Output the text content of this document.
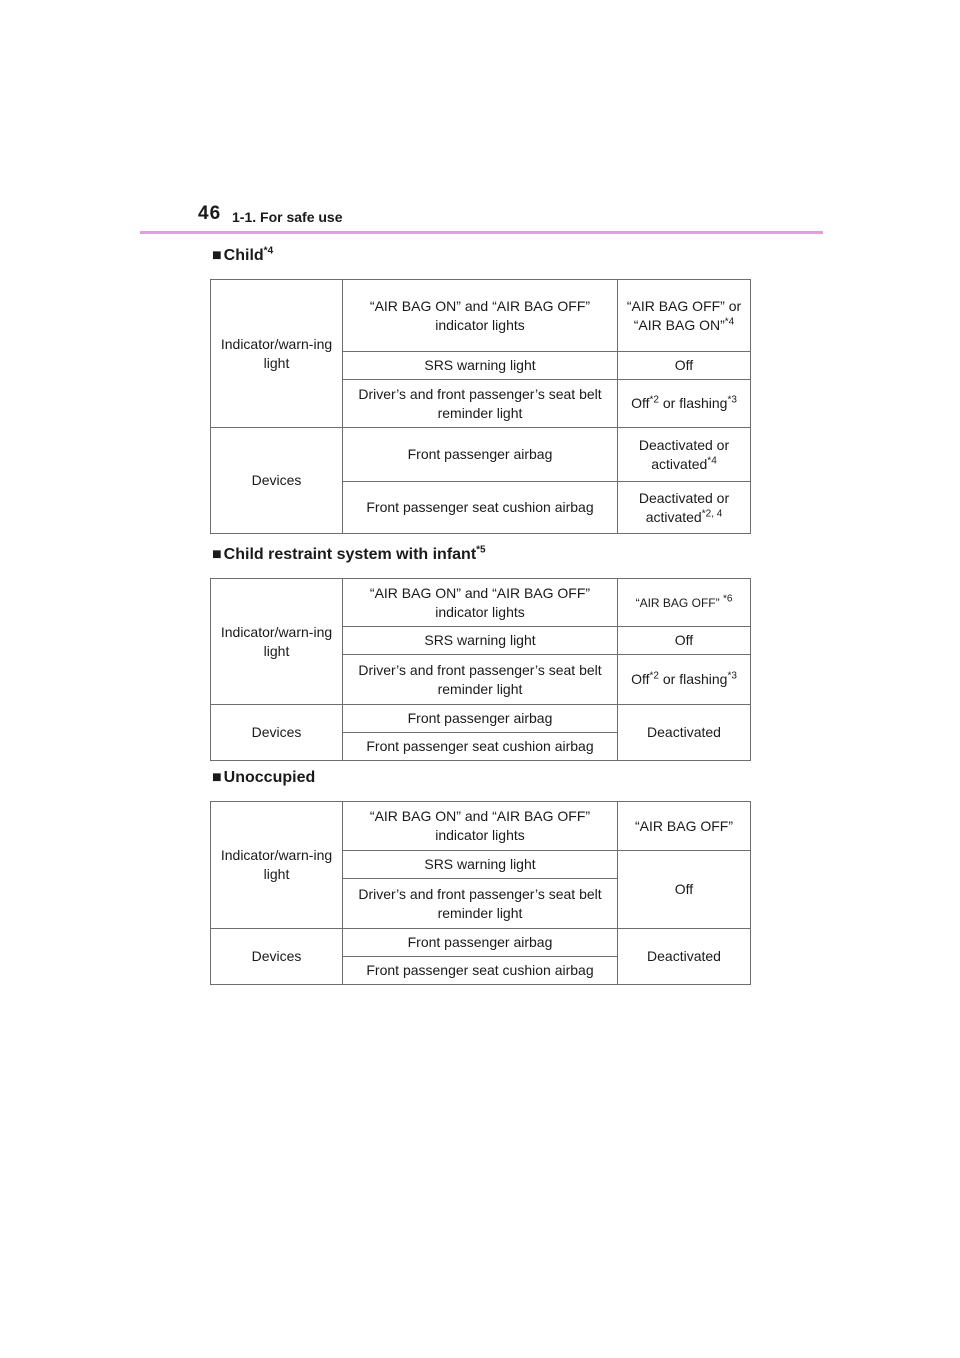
46 1-1. For safe use
■ Child$^{*4}$
Indicator/warn-ing light	“AIR BAG ON” and “AIR BAG OFF” indicator lights	“AIR BAG OFF” or “AIR BAG ON”$^{*4}$
	SRS warning light	Off
	Driver’s and front passenger’s seat belt reminder light	Off$^{*2}$ or flashing$^{*3}$
Devices	Front passenger airbag	Deactivated or activated$^{*4}$
	Front passenger seat cushion airbag	Deactivated or activated$^{*2, 4}$
■ Child restraint system with infant$^{*5}$
Indicator/warn-ing light	“AIR BAG ON” and “AIR BAG OFF” indicator lights	“AIR BAG OFF” $^{*6}$
	SRS warning light	Off
	Driver’s and front passenger’s seat belt reminder light	Off$^{*2}$ or flashing$^{*3}$
Devices	Front passenger airbag	Deactivated
	Front passenger seat cushion airbag	
■ Unoccupied
Indicator/warn-ing light	“AIR BAG ON” and “AIR BAG OFF” indicator lights	“AIR BAG OFF”
	SRS warning light	Off
	Driver’s and front passenger’s seat belt reminder light	
Devices	Front passenger airbag	Deactivated
	Front passenger seat cushion airbag	
